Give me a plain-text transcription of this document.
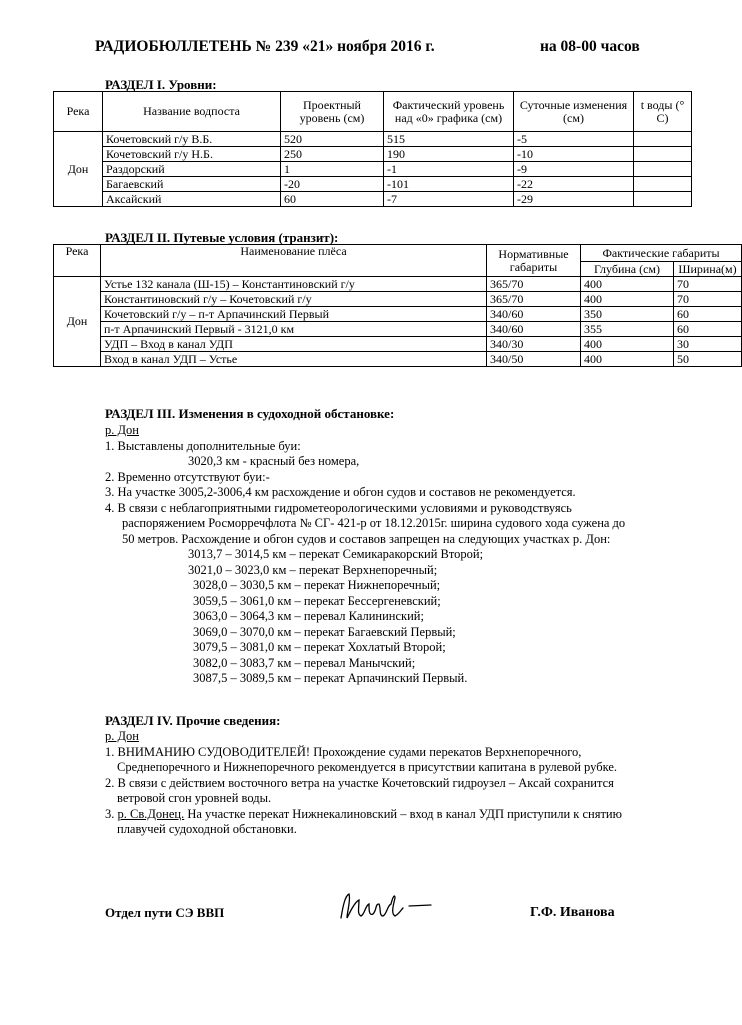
РАДИОБЮЛЛЕТЕНЬ № 239 «21» ноября 2016 г.	на 08-00 часов
РАЗДЕЛ I. Уровни:
Река	Название водпоста	Проектный уровень (см)	Фактический уровень над «0» графика (см)	Суточные изменения (см)	t воды (° С)
Дон	Кочетовский г/у В.Б.	520	515	-5	
	Кочетовский г/у Н.Б.	250	190	-10	
	Раздорский	1	-1	-9	
	Багаевский	-20	-101	-22	
	Аксайский	60	-7	-29	
РАЗДЕЛ II. Путевые условия (транзит):
Река	Наименование плёса	Нормативные габариты	Фактические габариты	
			Глубина (см)	Ширина(м)
Дон	Устье 132 канала (Ш-15) – Константиновский г/у	365/70	400	70
	Константиновский г/у – Кочетовский г/у	365/70	400	70
	Кочетовский г/у – п-т Арпачинский Первый	340/60	350	60
	п-т Арпачинский Первый - 3121,0 км	340/60	355	60
	УДП – Вход в канал УДП	340/30	400	30
	Вход в канал УДП – Устье	340/50	400	50
РАЗДЕЛ III. Изменения в судоходной обстановке:
р. Дон
1. Выставлены дополнительные буи:
3020,3 км - красный без номера,
2. Временно отсутствуют буи:-
3. На участке 3005,2-3006,4 км расхождение и обгон судов и составов не рекомендуется.
4. В связи с неблагоприятными гидрометеорологическими условиями и руководствуясь
распоряжением Росморречфлота № СГ- 421-р от 18.12.2015г. ширина судового хода сужена до
50 метров. Расхождение и обгон судов и составов запрещен на следующих участках р. Дон:
3013,7 – 3014,5 км – перекат Семикаракорский Второй;
3021,0 – 3023,0 км – перекат Верхнепоречный;
3028,0 – 3030,5 км – перекат Нижнепоречный;
3059,5 – 3061,0 км – перекат Бессергеневский;
3063,0 – 3064,3 км – перевал Калининский;
3069,0 – 3070,0 км – перекат Багаевский Первый;
3079,5 – 3081,0 км – перекат Хохлатый Второй;
3082,0 – 3083,7 км – перевал Манычский;
3087,5 – 3089,5 км – перекат Арпачинский Первый.
РАЗДЕЛ IV. Прочие сведения:
р. Дон
1. ВНИМАНИЮ СУДОВОДИТЕЛЕЙ! Прохождение судами перекатов Верхнепоречного,
Среднепоречного и Нижнепоречного рекомендуется в присутствии капитана в рулевой рубке.
2. В связи с действием восточного ветра на участке Кочетовский гидроузел – Аксай сохранится
ветровой сгон уровней воды.
3. р. Св.Донец. На участке перекат Нижнекалиновский – вход в канал УДП приступили к снятию
плавучей судоходной обстановки.
Отдел пути СЭ ВВП	Г.Ф. Иванова
